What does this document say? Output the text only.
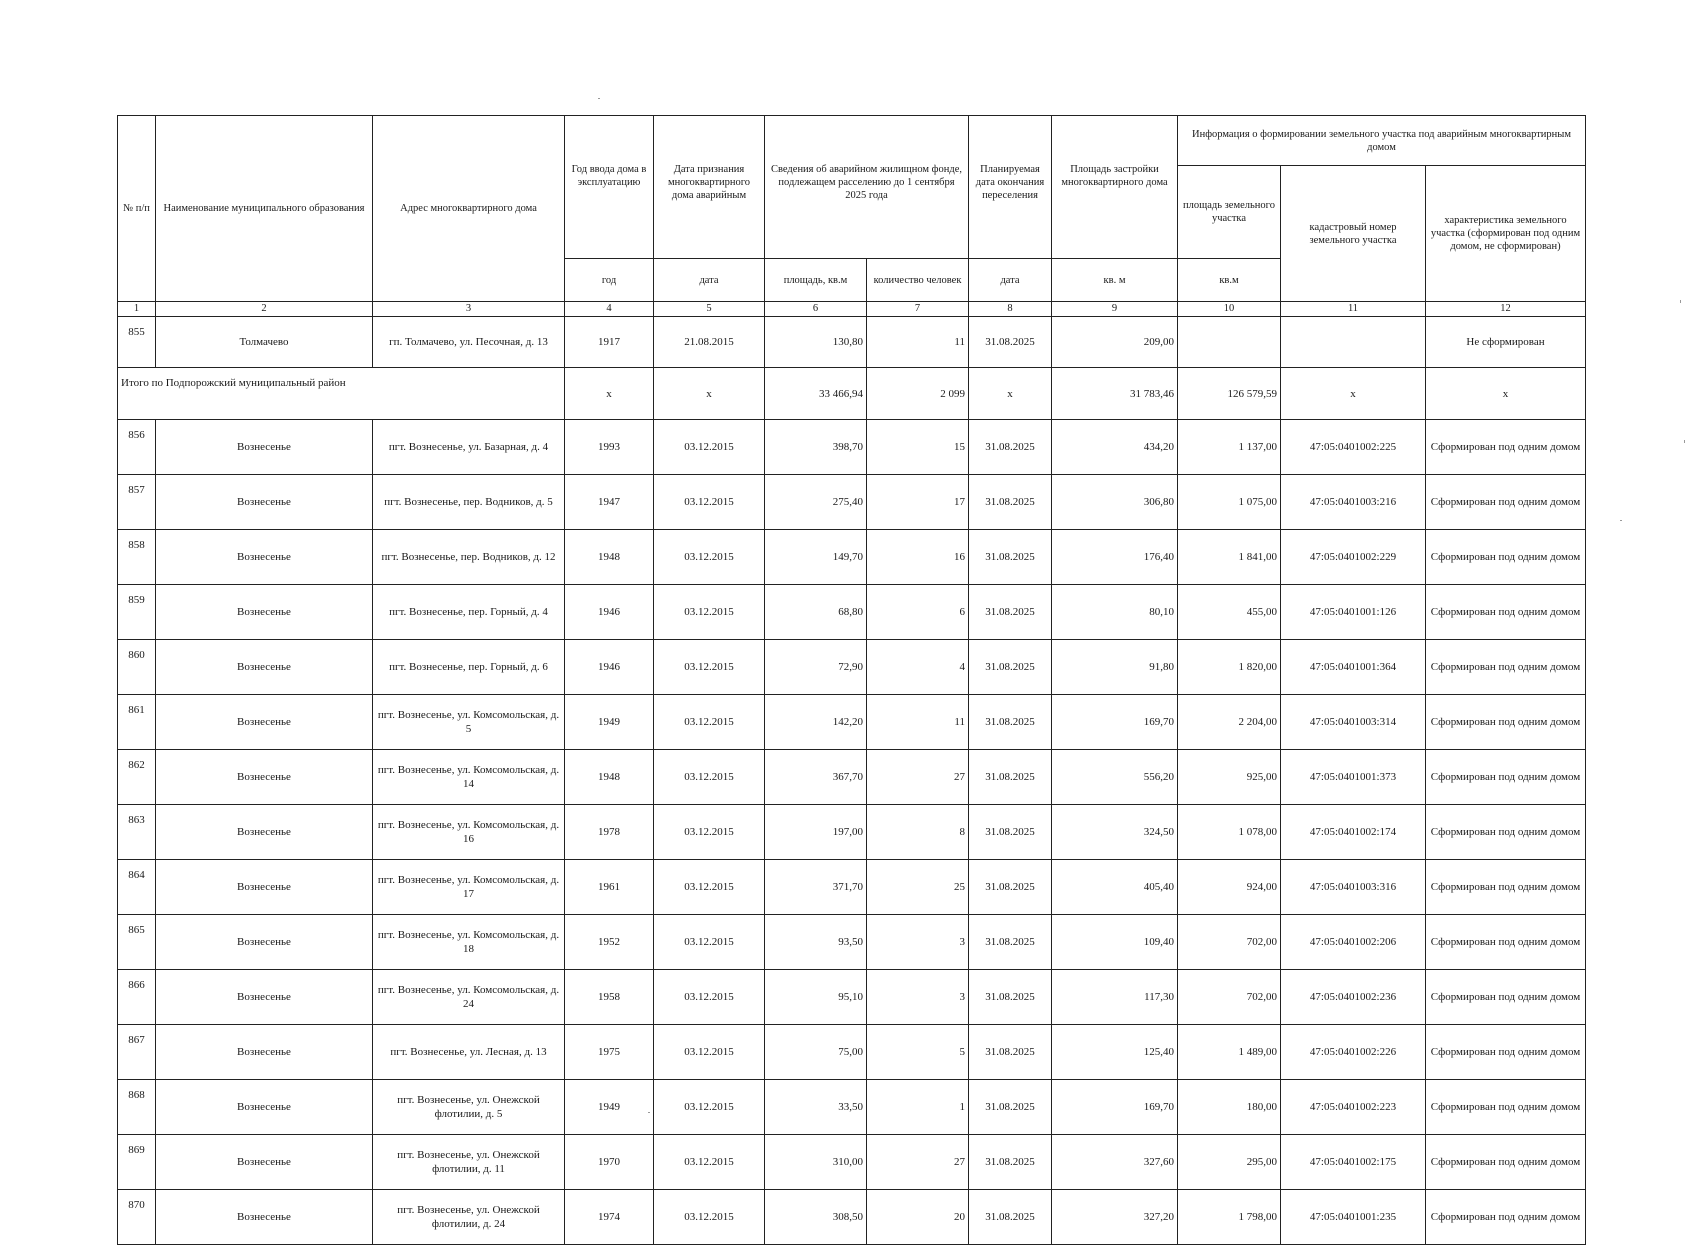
№ п/п	Наименование муниципального образования	Адрес многоквартирного дома	Год ввода дома в эксплуатацию	Дата признания многоквартирного дома аварийным	Сведения об аварийном жилищном фонде, подлежащем расселению до 1 сентября 2025 года		Планируемая дата окончания переселения	Площадь застройки многоквартирного дома	Информация о формировании земельного участка под аварийным многоквартирным домом		
									площадь земельного участка	кадастровый номер земельного участка	характеристика земельного участка (сформирован под одним домом, не сформирован)
			год	дата	площадь, кв.м	количество человек	дата	кв. м	кв.м		
1	2	3	4	5	6	7	8	9	10	11	12
855	Толмачево	гп. Толмачево, ул. Песочная, д. 13	1917	21.08.2015	130,80	11	31.08.2025	209,00			Не сформирован
Итого по Подпорожский муниципальный район			х	х	33 466,94	2 099	х	31 783,46	126 579,59	х	х
856	Вознесенье	пгт. Вознесенье, ул. Базарная, д. 4	1993	03.12.2015	398,70	15	31.08.2025	434,20	1 137,00	47:05:0401002:225	Сформирован под одним домом
857	Вознесенье	пгт. Вознесенье, пер. Водников, д. 5	1947	03.12.2015	275,40	17	31.08.2025	306,80	1 075,00	47:05:0401003:216	Сформирован под одним домом
858	Вознесенье	пгт. Вознесенье, пер. Водников, д. 12	1948	03.12.2015	149,70	16	31.08.2025	176,40	1 841,00	47:05:0401002:229	Сформирован под одним домом
859	Вознесенье	пгт. Вознесенье, пер. Горный, д. 4	1946	03.12.2015	68,80	6	31.08.2025	80,10	455,00	47:05:0401001:126	Сформирован под одним домом
860	Вознесенье	пгт. Вознесенье, пер. Горный, д. 6	1946	03.12.2015	72,90	4	31.08.2025	91,80	1 820,00	47:05:0401001:364	Сформирован под одним домом
861	Вознесенье	пгт. Вознесенье, ул. Комсомольская, д. 5	1949	03.12.2015	142,20	11	31.08.2025	169,70	2 204,00	47:05:0401003:314	Сформирован под одним домом
862	Вознесенье	пгт. Вознесенье, ул. Комсомольская, д. 14	1948	03.12.2015	367,70	27	31.08.2025	556,20	925,00	47:05:0401001:373	Сформирован под одним домом
863	Вознесенье	пгт. Вознесенье, ул. Комсомольская, д. 16	1978	03.12.2015	197,00	8	31.08.2025	324,50	1 078,00	47:05:0401002:174	Сформирован под одним домом
864	Вознесенье	пгт. Вознесенье, ул. Комсомольская, д. 17	1961	03.12.2015	371,70	25	31.08.2025	405,40	924,00	47:05:0401003:316	Сформирован под одним домом
865	Вознесенье	пгт. Вознесенье, ул. Комсомольская, д. 18	1952	03.12.2015	93,50	3	31.08.2025	109,40	702,00	47:05:0401002:206	Сформирован под одним домом
866	Вознесенье	пгт. Вознесенье, ул. Комсомольская, д. 24	1958	03.12.2015	95,10	3	31.08.2025	117,30	702,00	47:05:0401002:236	Сформирован под одним домом
867	Вознесенье	пгт. Вознесенье, ул. Лесная, д. 13	1975	03.12.2015	75,00	5	31.08.2025	125,40	1 489,00	47:05:0401002:226	Сформирован под одним домом
868	Вознесенье	пгт. Вознесенье, ул. Онежской флотилии, д. 5	1949	03.12.2015	33,50	1	31.08.2025	169,70	180,00	47:05:0401002:223	Сформирован под одним домом
869	Вознесенье	пгт. Вознесенье, ул. Онежской флотилии, д. 11	1970	03.12.2015	310,00	27	31.08.2025	327,60	295,00	47:05:0401002:175	Сформирован под одним домом
870	Вознесенье	пгт. Вознесенье, ул. Онежской флотилии, д. 24	1974	03.12.2015	308,50	20	31.08.2025	327,20	1 798,00	47:05:0401001:235	Сформирован под одним домом
